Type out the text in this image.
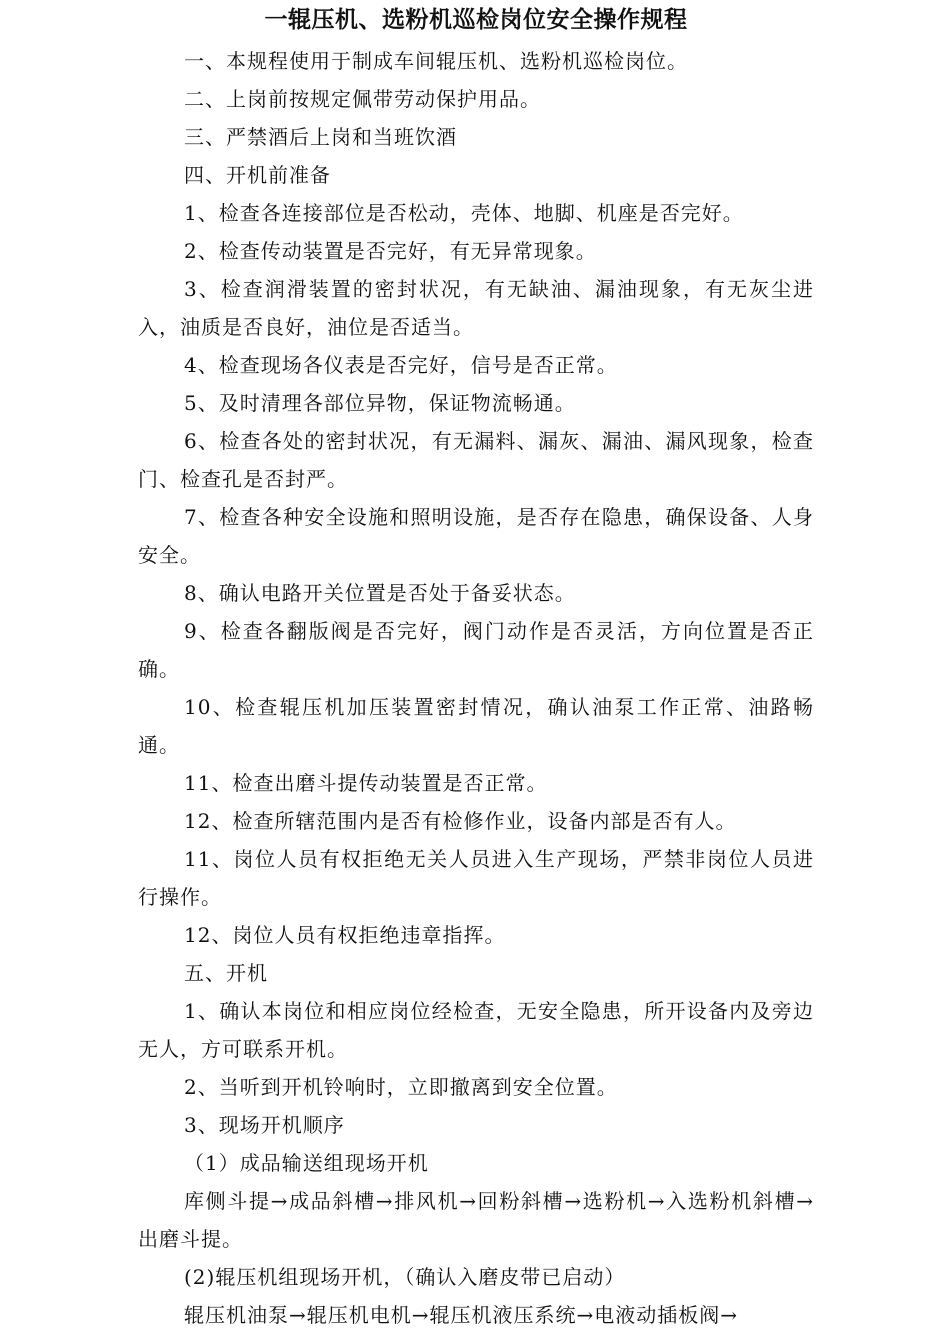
一辊压机、选粉机巡检岗位安全操作规程

一、本规程使用于制成车间辊压机、选粉机巡检岗位。

二、上岗前按规定佩带劳动保护用品。

三、严禁酒后上岗和当班饮酒

四、开机前准备

1、检查各连接部位是否松动，壳体、地脚、机座是否完好。

2、检查传动装置是否完好，有无异常现象。

3、检查润滑装置的密封状况，有无缺油、漏油现象，有无灰尘进入，油质是否良好，油位是否适当。

4、检查现场各仪表是否完好，信号是否正常。

5、及时清理各部位异物，保证物流畅通。

6、检查各处的密封状况，有无漏料、漏灰、漏油、漏风现象，检查门、检查孔是否封严。

7、检查各种安全设施和照明设施，是否存在隐患，确保设备、人身安全。

8、确认电路开关位置是否处于备妥状态。

9、检查各翻版阀是否完好，阀门动作是否灵活，方向位置是否正确。

10、检查辊压机加压装置密封情况，确认油泵工作正常、油路畅通。

11、检查出磨斗提传动装置是否正常。

12、检查所辖范围内是否有检修作业，设备内部是否有人。

11、岗位人员有权拒绝无关人员进入生产现场，严禁非岗位人员进行操作。

12、岗位人员有权拒绝违章指挥。

五、开机

1、确认本岗位和相应岗位经检查，无安全隐患，所开设备内及旁边无人，方可联系开机。

2、当听到开机铃响时，立即撤离到安全位置。

3、现场开机顺序

（1）成品输送组现场开机

库侧斗提→成品斜槽→排风机→回粉斜槽→选粉机→入选粉机斜槽→出磨斗提。

(2)辊压机组现场开机，（确认入磨皮带已启动）

辊压机油泵→辊压机电机→辊压机液压系统→电液动插板阀→
